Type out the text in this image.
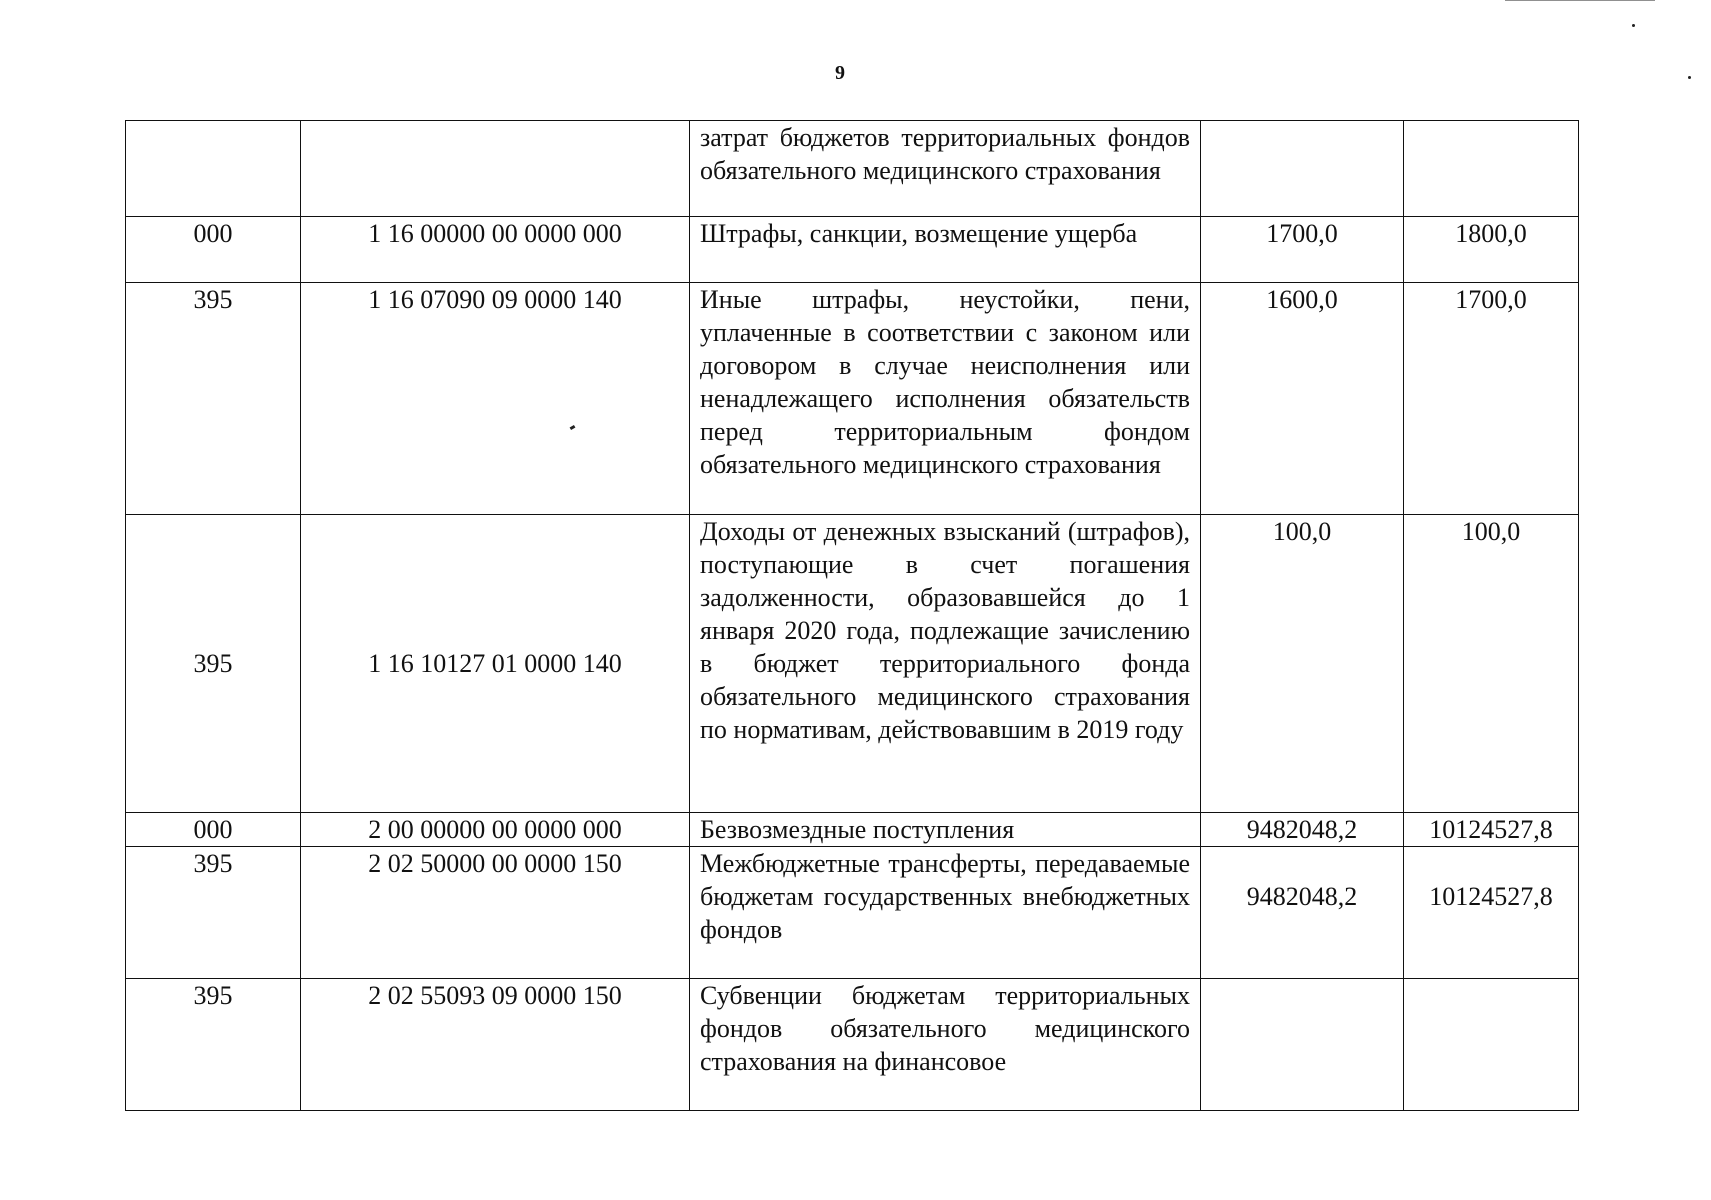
9

		затрат бюджетов территориальных фондов обязательного медицинского страхования		

000	1 16 00000 00 0000 000	Штрафы, санкции, возмещение ущерба	1700,0	1800,0

395	1 16 07090 09 0000 140	Иные штрафы, неустойки, пени, уплаченные в соответствии с законом или договором в случае неисполнения или ненадлежащего исполнения обязательств перед территориальным фондом обязательного медицинского страхования	1600,0	1700,0

395	1 16 10127 01 0000 140	Доходы от денежных взысканий (штрафов), поступающие в счет погашения задолженности, образовавшейся до 1 января 2020 года, подлежащие зачислению в бюджет территориального фонда обязательного медицинского страхования по нормативам, действовавшим в 2019 году	100,0	100,0

000	2 00 00000 00 0000 000	Безвозмездные поступления	9482048,2	10124527,8

395	2 02 50000 00 0000 150	Межбюджетные трансферты, передаваемые бюджетам государственных внебюджетных фондов	9482048,2	10124527,8

395	2 02 55093 09 0000 150	Субвенции бюджетам территориальных фондов обязательного медицинского страхования на финансовое		
